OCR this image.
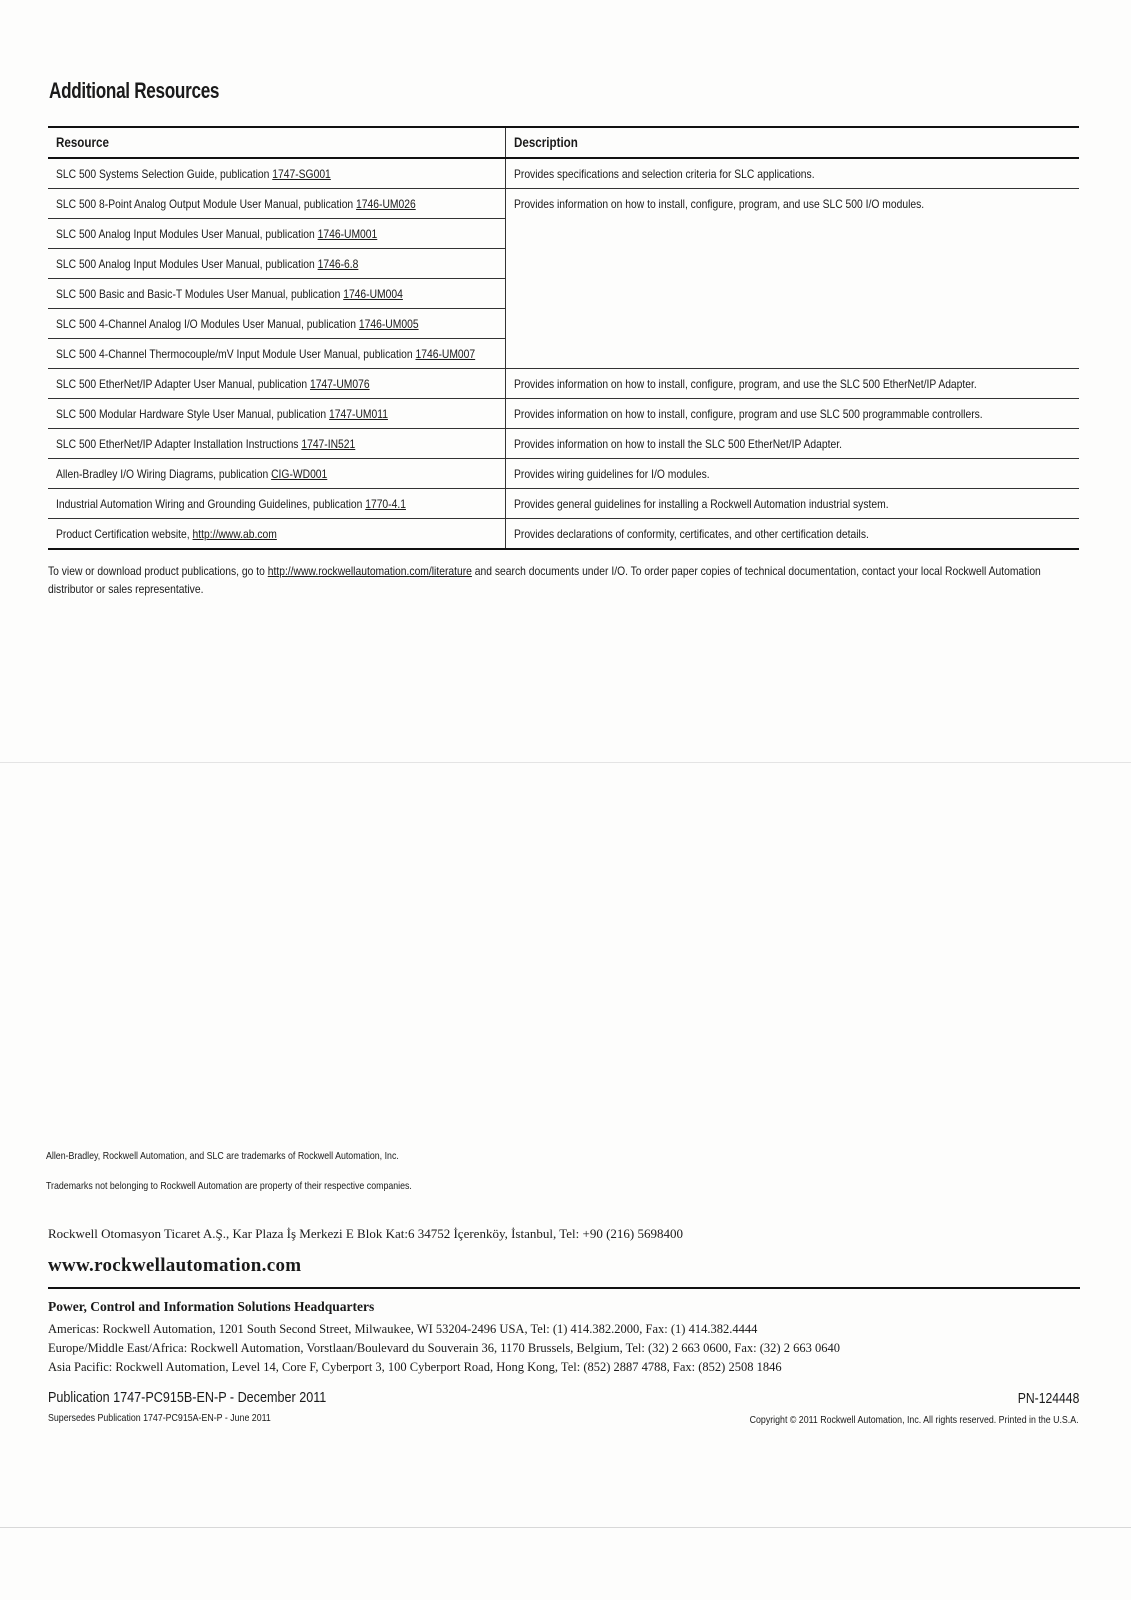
Additional Resources
Resource	Description
SLC 500 Systems Selection Guide, publication 1747-SG001	Provides specifications and selection criteria for SLC applications.
SLC 500 8-Point Analog Output Module User Manual, publication 1746-UM026	Provides information on how to install, configure, program, and use SLC 500 I/O modules.
SLC 500 Analog Input Modules User Manual, publication 1746-UM001	
SLC 500 Analog Input Modules User Manual, publication 1746-6.8	
SLC 500 Basic and Basic-T Modules User Manual, publication 1746-UM004	
SLC 500 4-Channel Analog I/O Modules User Manual, publication 1746-UM005	
SLC 500 4-Channel Thermocouple/mV Input Module User Manual, publication 1746-UM007	
SLC 500 EtherNet/IP Adapter User Manual, publication 1747-UM076	Provides information on how to install, configure, program, and use the SLC 500 EtherNet/IP Adapter.
SLC 500 Modular Hardware Style User Manual, publication 1747-UM011	Provides information on how to install, configure, program and use SLC 500 programmable controllers.
SLC 500 EtherNet/IP Adapter Installation Instructions 1747-IN521	Provides information on how to install the SLC 500 EtherNet/IP Adapter.
Allen-Bradley I/O Wiring Diagrams, publication CIG-WD001	Provides wiring guidelines for I/O modules.
Industrial Automation Wiring and Grounding Guidelines, publication 1770-4.1	Provides general guidelines for installing a Rockwell Automation industrial system.
Product Certification website, http://www.ab.com	Provides declarations of conformity, certificates, and other certification details.

To view or download product publications, go to http://www.rockwellautomation.com/literature and search documents under I/O. To order paper copies of technical documentation, contact your local Rockwell Automation distributor or sales representative.

Allen-Bradley, Rockwell Automation, and SLC are trademarks of Rockwell Automation, Inc.

Trademarks not belonging to Rockwell Automation are property of their respective companies.

Rockwell Otomasyon Ticaret A.Ş., Kar Plaza İş Merkezi E Blok Kat:6 34752 İçerenköy, İstanbul, Tel: +90 (216) 5698400

www.rockwellautomation.com

Power, Control and Information Solutions Headquarters

Americas: Rockwell Automation, 1201 South Second Street, Milwaukee, WI 53204-2496 USA, Tel: (1) 414.382.2000, Fax: (1) 414.382.4444

Europe/Middle East/Africa: Rockwell Automation, Vorstlaan/Boulevard du Souverain 36, 1170 Brussels, Belgium, Tel: (32) 2 663 0600, Fax: (32) 2 663 0640

Asia Pacific: Rockwell Automation, Level 14, Core F, Cyberport 3, 100 Cyberport Road, Hong Kong, Tel: (852) 2887 4788, Fax: (852) 2508 1846

Publication 1747-PC915B-EN-P - December 2011

Supersedes Publication 1747-PC915A-EN-P - June 2011

PN-124448

Copyright © 2011 Rockwell Automation, Inc. All rights reserved. Printed in the U.S.A.
